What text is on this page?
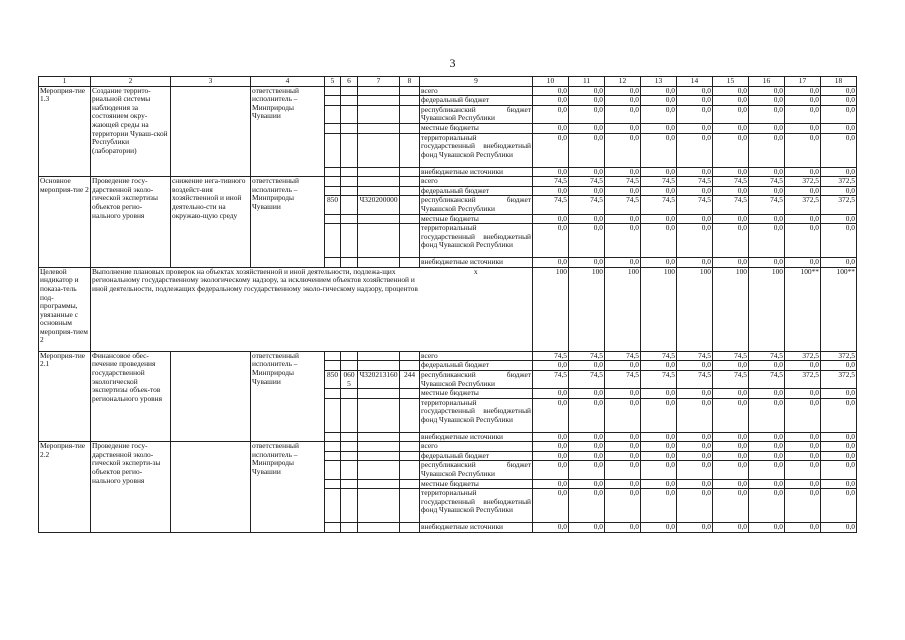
3
1	2	3	4	5	6	7	8	9	10	11	12	13	14	15	16	17	18
Мероприя-тие 1.3	Создание террито-риальной системы наблюдения за состоянием окру-жающей среды на территории Чуваш-ской Республики (лаборатории)		ответственный исполнитель – Минприроды Чувашии					всего	0,0	0,0	0,0	0,0	0,0	0,0	0,0	0,0	0,0
								федеральный бюджет	0,0	0,0	0,0	0,0	0,0	0,0	0,0	0,0	0,0
								республиканский бюджет Чувашской Республики	0,0	0,0	0,0	0,0	0,0	0,0	0,0	0,0	0,0
								местные бюджеты	0,0	0,0	0,0	0,0	0,0	0,0	0,0	0,0	0,0
								территориальный государственный внебюджетный фонд Чувашской Республики	0,0	0,0	0,0	0,0	0,0	0,0	0,0	0,0	0,0
								внебюджетные источники	0,0	0,0	0,0	0,0	0,0	0,0	0,0	0,0	0,0
Основное мероприя-тие 2	Проведение госу-дарственной эколо-гической экспертизы объектов регио-нального уровня	снижение нега-тивного воздейст-вия хозяйственной и иной деятельно-сти на окружаю-щую среду	ответственный исполнитель – Минприроды Чувашии					всего	74,5	74,5	74,5	74,5	74,5	74,5	74,5	372,5	372,5
								федеральный бюджет	0,0	0,0	0,0	0,0	0,0	0,0	0,0	0,0	0,0
				850		Ч320200000		республиканский бюджет Чувашской Республики	74,5	74,5	74,5	74,5	74,5	74,5	74,5	372,5	372,5
								местные бюджеты	0,0	0,0	0,0	0,0	0,0	0,0	0,0	0,0	0,0
								территориальный государственный внебюджетный фонд Чувашской Республики	0,0	0,0	0,0	0,0	0,0	0,0	0,0	0,0	0,0
								внебюджетные источники	0,0	0,0	0,0	0,0	0,0	0,0	0,0	0,0	0,0
Целевой индикатор и показа-тель под-программы, увязанные с основным мероприя-тием 2	Выполнение плановых проверок на объектах хозяйственной и иной деятельности, подлежа-щих региональному государственному экологическому надзору, за исключением объектов хозяйственной и иной деятельности, подлежащих федеральному государственному эколо-гическому надзору, процентов							х	100	100	100	100	100	100	100	100**	100**
Мероприя-тие 2.1	Финансовое обес-печение проведения государственной экологической экспертизы объек-тов регионального уровня		ответственный исполнитель – Минприроды Чувашии					всего	74,5	74,5	74,5	74,5	74,5	74,5	74,5	372,5	372,5
								федеральный бюджет	0,0	0,0	0,0	0,0	0,0	0,0	0,0	0,0	0,0
				850	0605	Ч320213160	244	республиканский бюджет Чувашской Республики	74,5	74,5	74,5	74,5	74,5	74,5	74,5	372,5	372,5
								местные бюджеты	0,0	0,0	0,0	0,0	0,0	0,0	0,0	0,0	0,0
								территориальный государственный внебюджетный фонд Чувашской Республики	0,0	0,0	0,0	0,0	0,0	0,0	0,0	0,0	0,0
								внебюджетные источники	0,0	0,0	0,0	0,0	0,0	0,0	0,0	0,0	0,0
Мероприя-тие 2.2	Проведение госу-дарственной эколо-гической эксперти-зы объектов регио-нального уровня		ответственный исполнитель – Минприроды Чувашии					всего	0,0	0,0	0,0	0,0	0,0	0,0	0,0	0,0	0,0
								федеральный бюджет	0,0	0,0	0,0	0,0	0,0	0,0	0,0	0,0	0,0
								республиканский бюджет Чувашской Республики	0,0	0,0	0,0	0,0	0,0	0,0	0,0	0,0	0,0
								местные бюджеты	0,0	0,0	0,0	0,0	0,0	0,0	0,0	0,0	0,0
								территориальный государственный внебюджетный фонд Чувашской Республики	0,0	0,0	0,0	0,0	0,0	0,0	0,0	0,0	0,0
								внебюджетные источники	0,0	0,0	0,0	0,0	0,0	0,0	0,0	0,0	0,0
